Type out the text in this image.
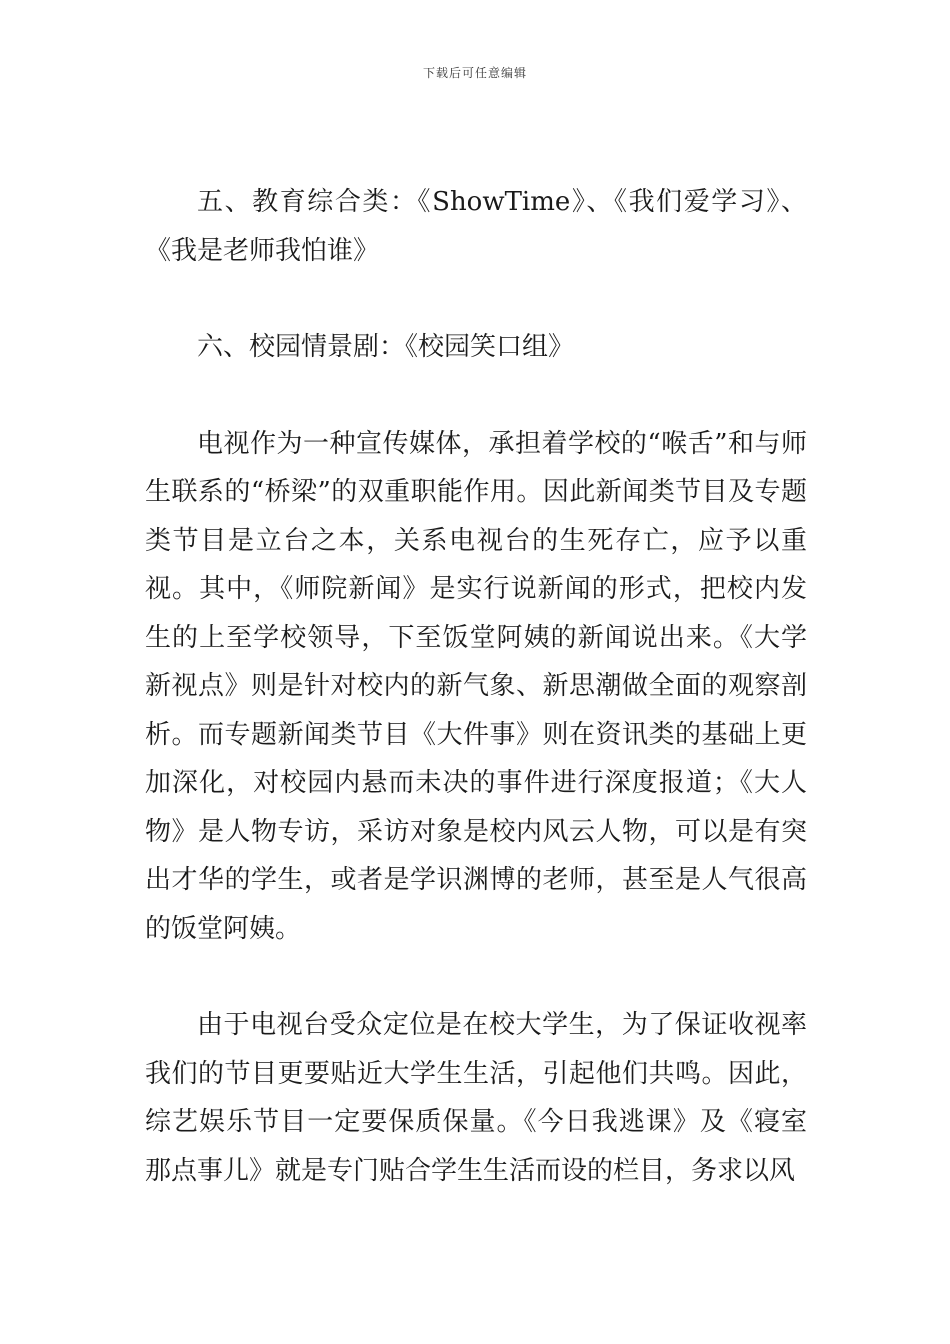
下载后可任意编辑

五、教育综合类：《ShowTime》、《我们爱学习》、《我是老师我怕谁》

六、校园情景剧：《校园笑口组》

电视作为一种宣传媒体，承担着学校的“喉舌”和与师生联系的“桥梁”的双重职能作用。因此新闻类节目及专题类节目是立台之本，关系电视台的生死存亡，应予以重视。其中，《师院新闻》是实行说新闻的形式，把校内发生的上至学校领导，下至饭堂阿姨的新闻说出来。《大学新视点》则是针对校内的新气象、新思潮做全面的观察剖析。而专题新闻类节目《大件事》则在资讯类的基础上更加深化，对校园内悬而未决的事件进行深度报道；《大人物》是人物专访，采访对象是校内风云人物，可以是有突出才华的学生，或者是学识渊博的老师，甚至是人气很高的饭堂阿姨。

由于电视台受众定位是在校大学生，为了保证收视率我们的节目更要贴近大学生生活，引起他们共鸣。因此，综艺娱乐节目一定要保质保量。《今日我逃课》及《寝室那点事儿》就是专门贴合学生生活而设的栏目，务求以风
